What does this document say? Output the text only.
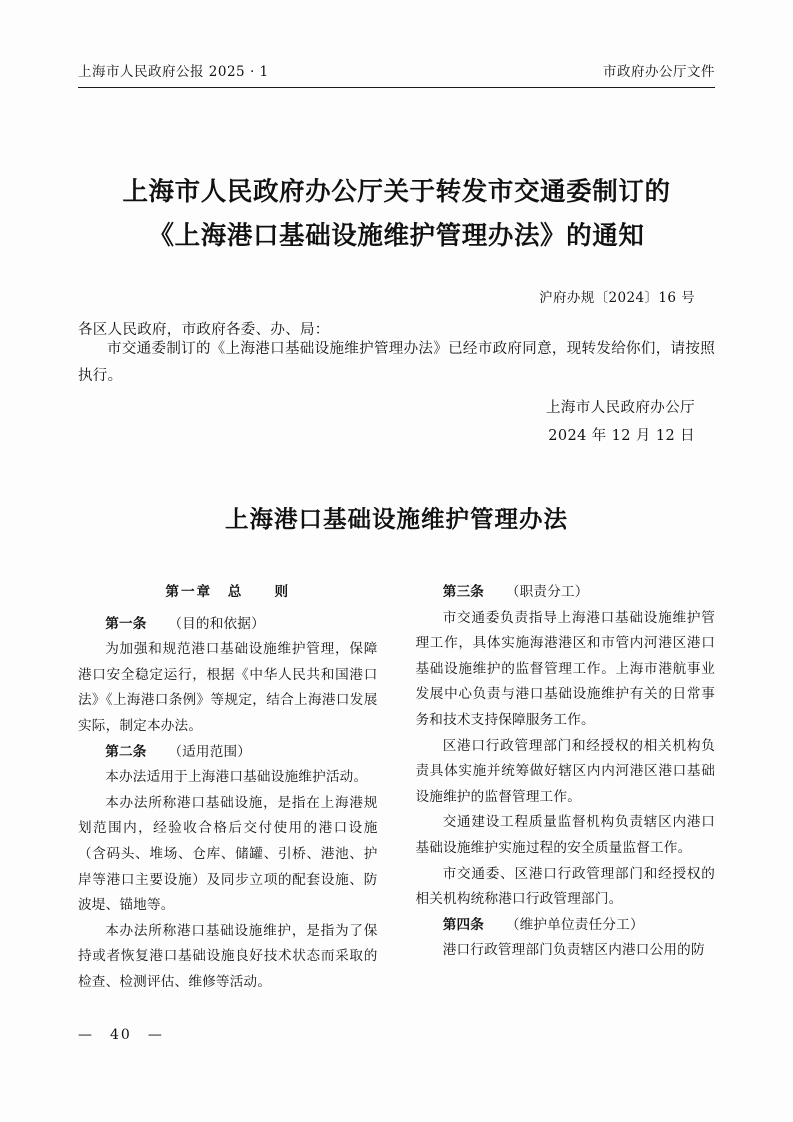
上海市人民政府公报 2025 · 1	市政府办公厅文件
上海市人民政府办公厅关于转发市交通委制订的
《上海港口基础设施维护管理办法》的通知
沪府办规〔2024〕16 号
各区人民政府，市政府各委、办、局：
市交通委制订的《上海港口基础设施维护管理办法》已经市政府同意，现转发给你们，请按照执行。
上海市人民政府办公厅
2024 年 12 月 12 日
上海港口基础设施维护管理办法
第一章　总　　则
第一条 （目的和依据）
为加强和规范港口基础设施维护管理，保障港口安全稳定运行，根据《中华人民共和国港口法》《上海港口条例》等规定，结合上海港口发展实际，制定本办法。
第二条 （适用范围）
本办法适用于上海港口基础设施维护活动。
本办法所称港口基础设施，是指在上海港规划范围内，经验收合格后交付使用的港口设施（含码头、堆场、仓库、储罐、引桥、港池、护岸等港口主要设施）及同步立项的配套设施、防波堤、锚地等。
本办法所称港口基础设施维护，是指为了保持或者恢复港口基础设施良好技术状态而采取的检查、检测评估、维修等活动。
第三条 （职责分工）
市交通委负责指导上海港口基础设施维护管理工作，具体实施海港港区和市管内河港区港口基础设施维护的监督管理工作。上海市港航事业发展中心负责与港口基础设施维护有关的日常事务和技术支持保障服务工作。
区港口行政管理部门和经授权的相关机构负责具体实施并统筹做好辖区内内河港区港口基础设施维护的监督管理工作。
交通建设工程质量监督机构负责辖区内港口基础设施维护实施过程的安全质量监督工作。
市交通委、区港口行政管理部门和经授权的相关机构统称港口行政管理部门。
第四条 （维护单位责任分工）
港口行政管理部门负责辖区内港口公用的防
—　40　—
